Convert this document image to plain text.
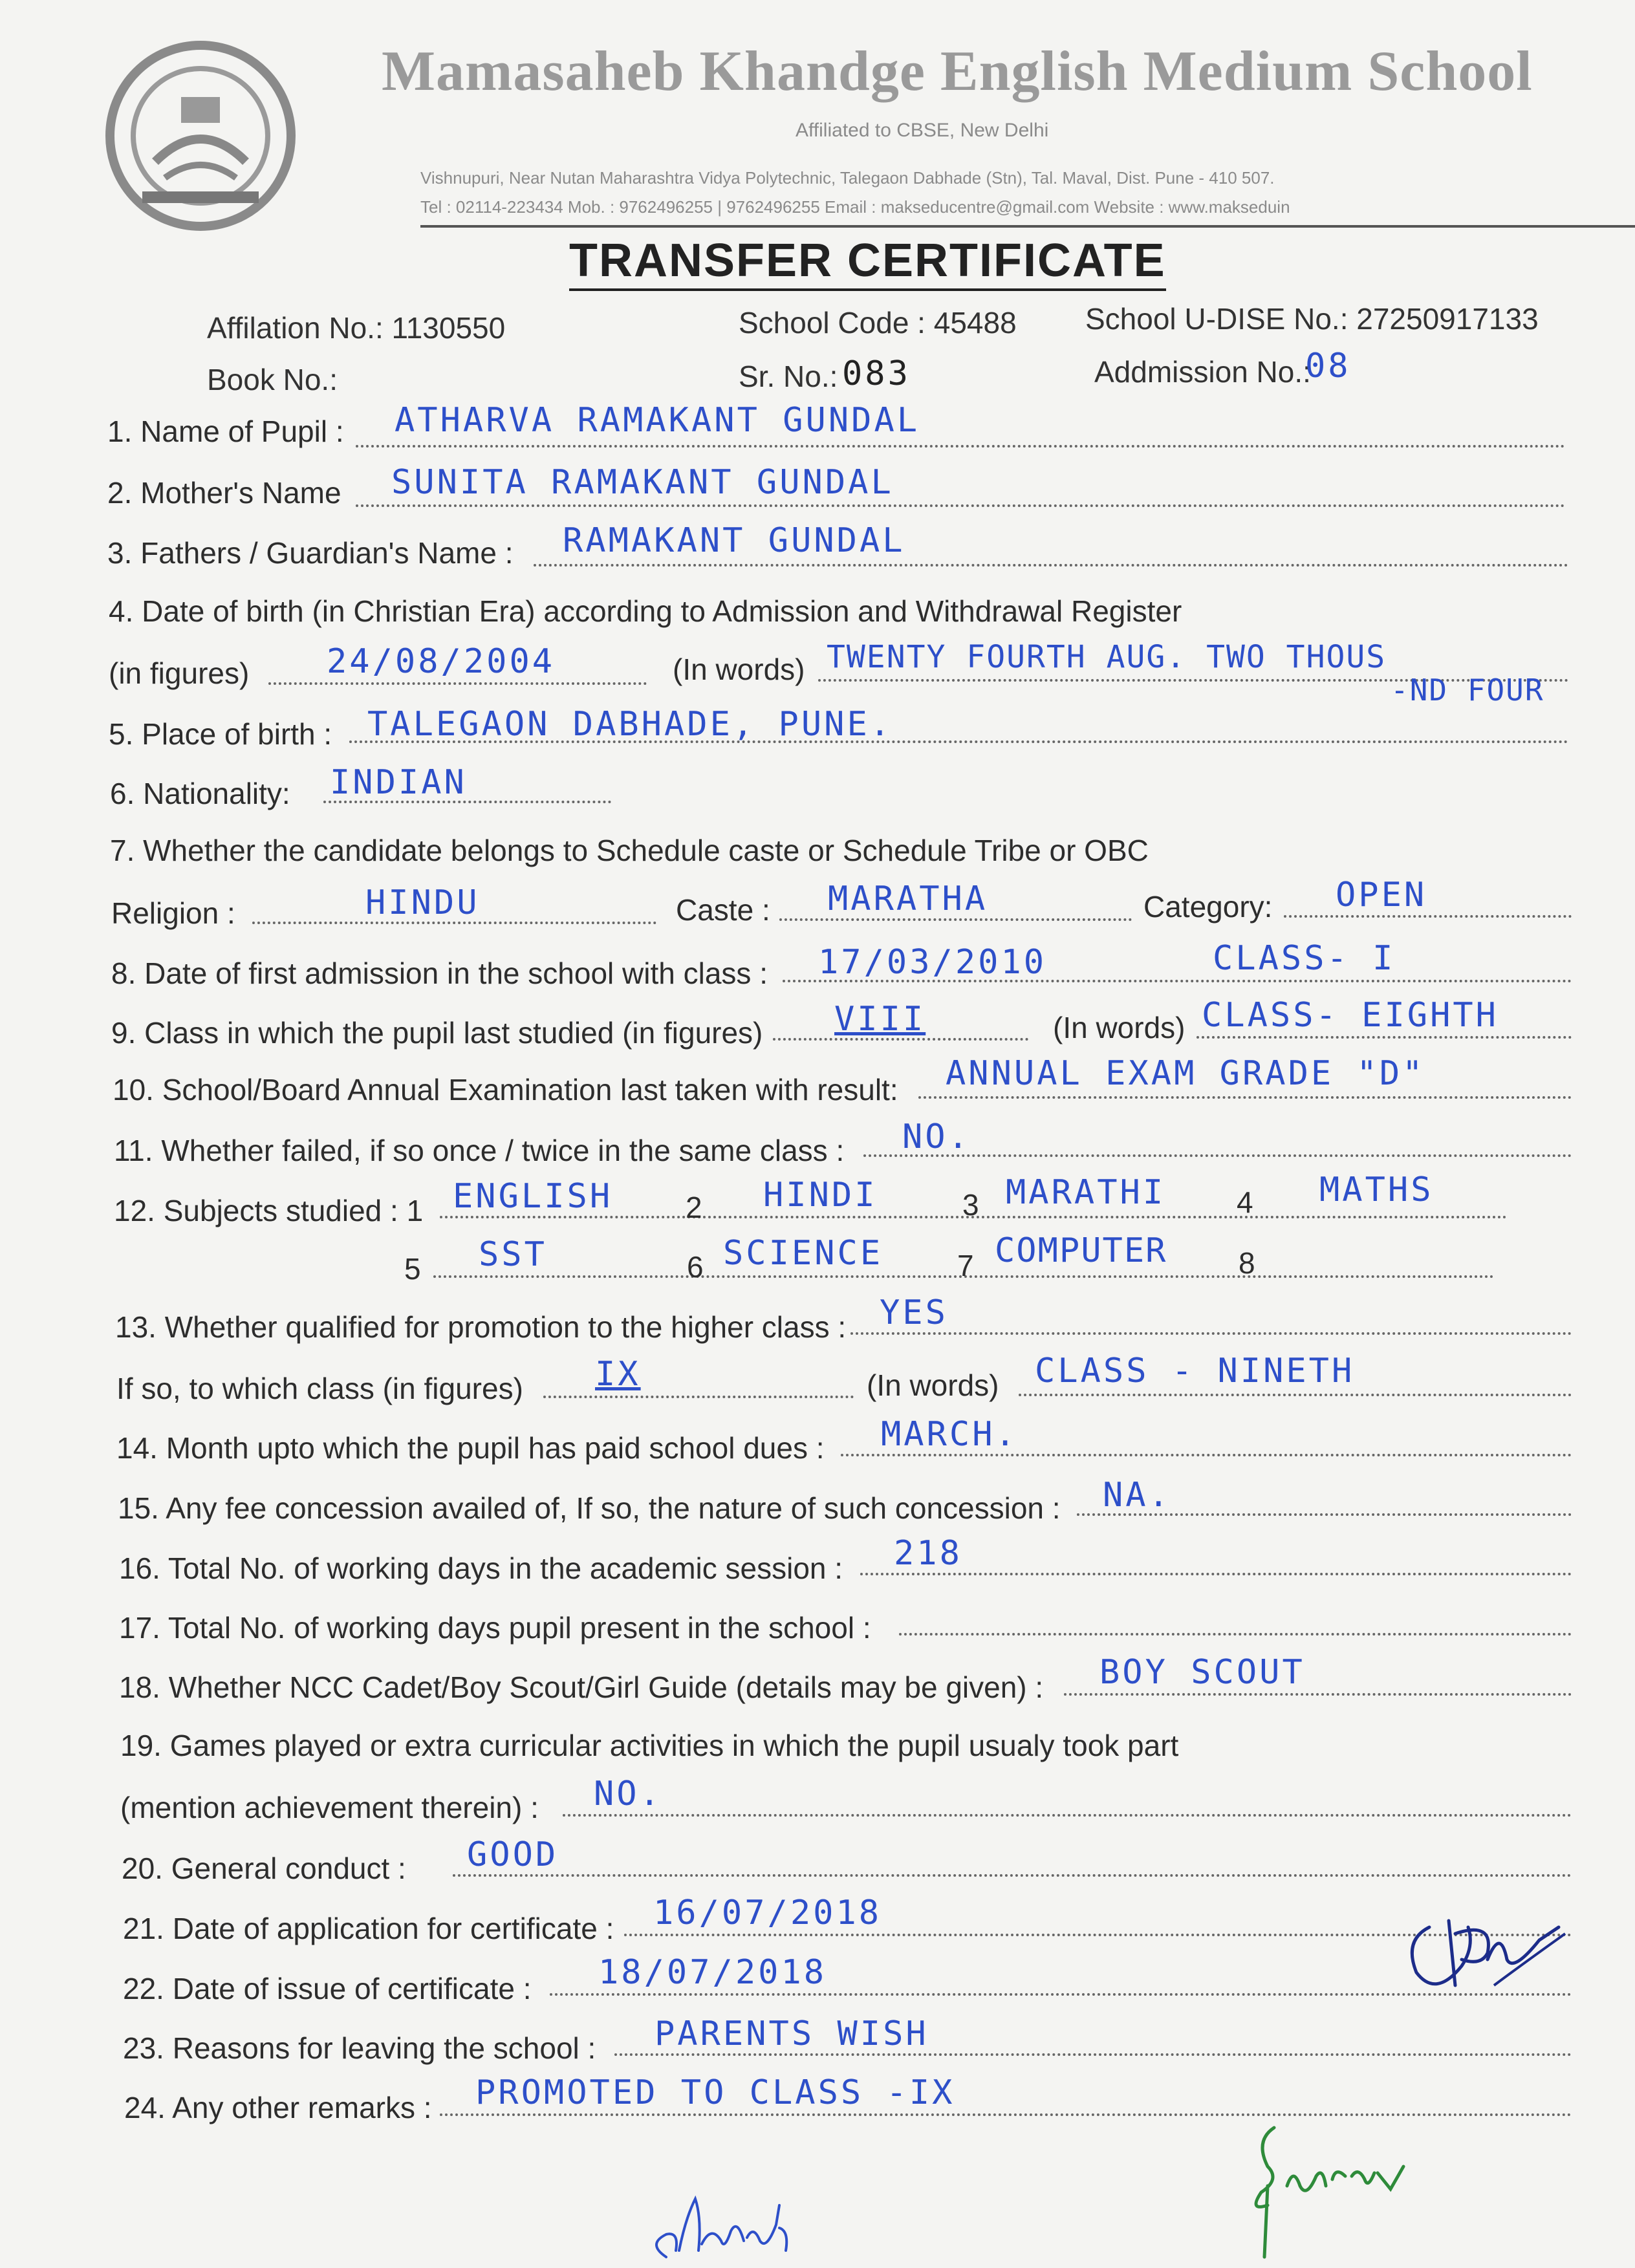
Mamasaheb Khandge English Medium School
Affiliated to CBSE, New Delhi
Vishnupuri, Near Nutan Maharashtra Vidya Polytechnic, Talegaon Dabhade (Stn), Tal. Maval, Dist. Pune - 410 507.
Tel : 02114-223434 Mob. : 9762496255 | 9762496255 Email : makseducentre@gmail.com Website : www.makseduin
TRANSFER CERTIFICATE
Affilation No.: 1130550	School Code : 45488 School U-DISE No.: 27250917133
Book No.:	Sr. No.: 083	Addmission No.:
08
1. Name of Pupil : ATHARVA RAMAKANT GUNDAL
2. Mother's Name SUNITA RAMAKANT GUNDAL
3. Fathers / Guardian's Name : RAMAKANT GUNDAL
4. Date of birth (in Christian Era) according to Admission and Withdrawal Register
(in figures) 24/08/2004	(In words) TWENTY FOURTH AUG. TWO THOUS
-ND FOUR
5. Place of birth : TALEGAON DABHADE, PUNE.
6. Nationality: INDIAN
7. Whether the candidate belongs to Schedule caste or Schedule Tribe or OBC
Religion :	HINDU	Caste : MARATHA	Category: OPEN
8. Date of first admission in the school with class : 17/03/2010	CLASS- I
9. Class in which the pupil last studied (in figures) VIII	(In words) CLASS- EIGHTH
10. School/Board Annual Examination last taken with result: ANNUAL EXAM GRADE "D"
11. Whether failed, if so once / twice in the same class : NO.
12. Subjects studied : 1 ENGLISH 2 HINDI	3 MARATHI 4 MATHS
5 SST	6 SCIENCE 7 COMPUTER 8
13. Whether qualified for promotion to the higher class : YES
If so, to which class (in figures) IX	(In words) CLASS - NINETH
14. Month upto which the pupil has paid school dues : MARCH.
15. Any fee concession availed of, If so, the nature of such concession : NA.
16. Total No. of working days in the academic session : 218
17. Total No. of working days pupil present in the school :
18. Whether NCC Cadet/Boy Scout/Girl Guide (details may be given) : BOY SCOUT
19. Games played or extra curricular activities in which the pupil usualy took part
(mention achievement therein) : NO.
20. General conduct : GOOD
21. Date of application for certificate : 16/07/2018
22. Date of issue of certificate : 18/07/2018
23. Reasons for leaving the school : PARENTS WISH
24. Any other remarks : PROMOTED TO CLASS -IX
